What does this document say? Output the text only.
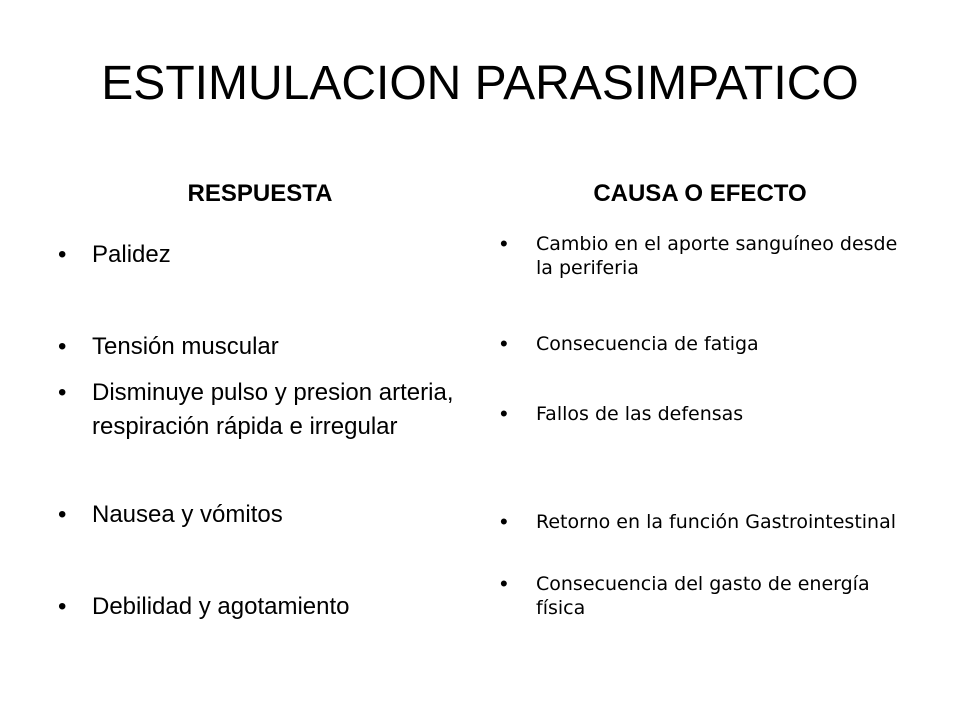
ESTIMULACION PARASIMPATICO
RESPUESTA	CAUSA O EFECTO
• Palidez
• Tensión muscular
• Disminuye pulso y presion arteria, respiración rápida e irregular
• Nausea y vómitos
• Debilidad y agotamiento
• Cambio en el aporte sanguíneo desde la periferia
• Consecuencia de fatiga
• Fallos de las defensas
• Retorno en la función Gastrointestinal
• Consecuencia del gasto de energía física
